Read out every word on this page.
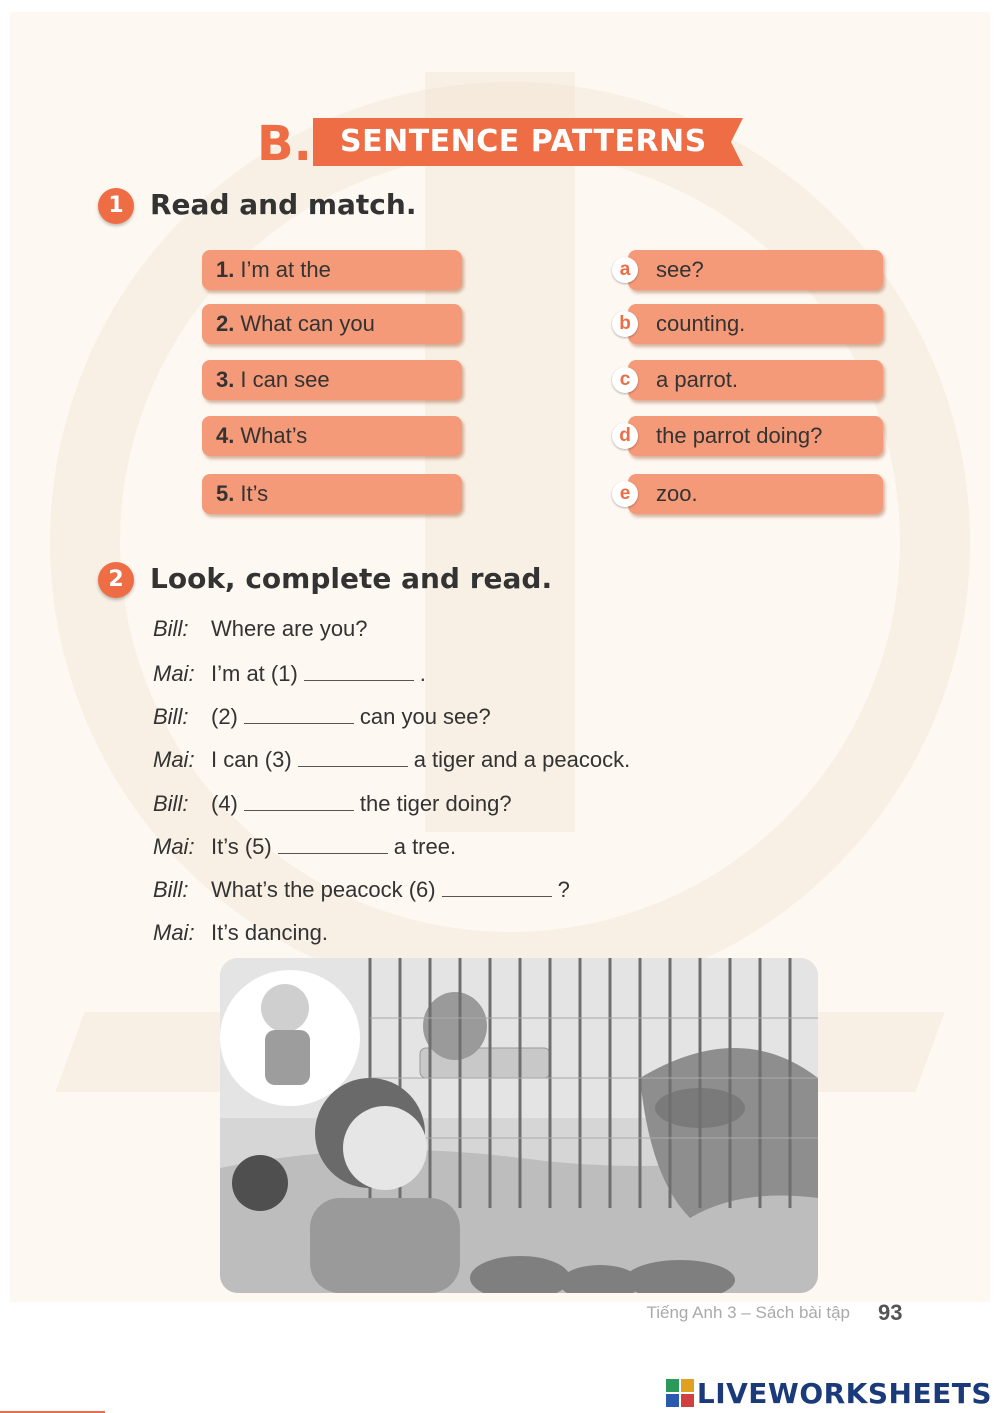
B. SENTENCE PATTERNS
1 Read and match.
1. I’m at the
2. What can you
3. I can see
4. What’s
5. It’s
a	see?
b	counting.
c	a parrot.
d	the parrot doing?
e	zoo.
2 Look, complete and read.
Bill: Where are you?
Mai: I’m at (1)	.
Bill: (2)	can you see?
Mai: I can (3)	a tiger and a peacock.
Bill: (4)	the tiger doing?
Mai: It’s (5)	a tree.
Bill: What’s the peacock (6)	?
Mai: It’s dancing.
Tiếng Anh 3 – Sách bài tập 93
LIVEWORKSHEETS
